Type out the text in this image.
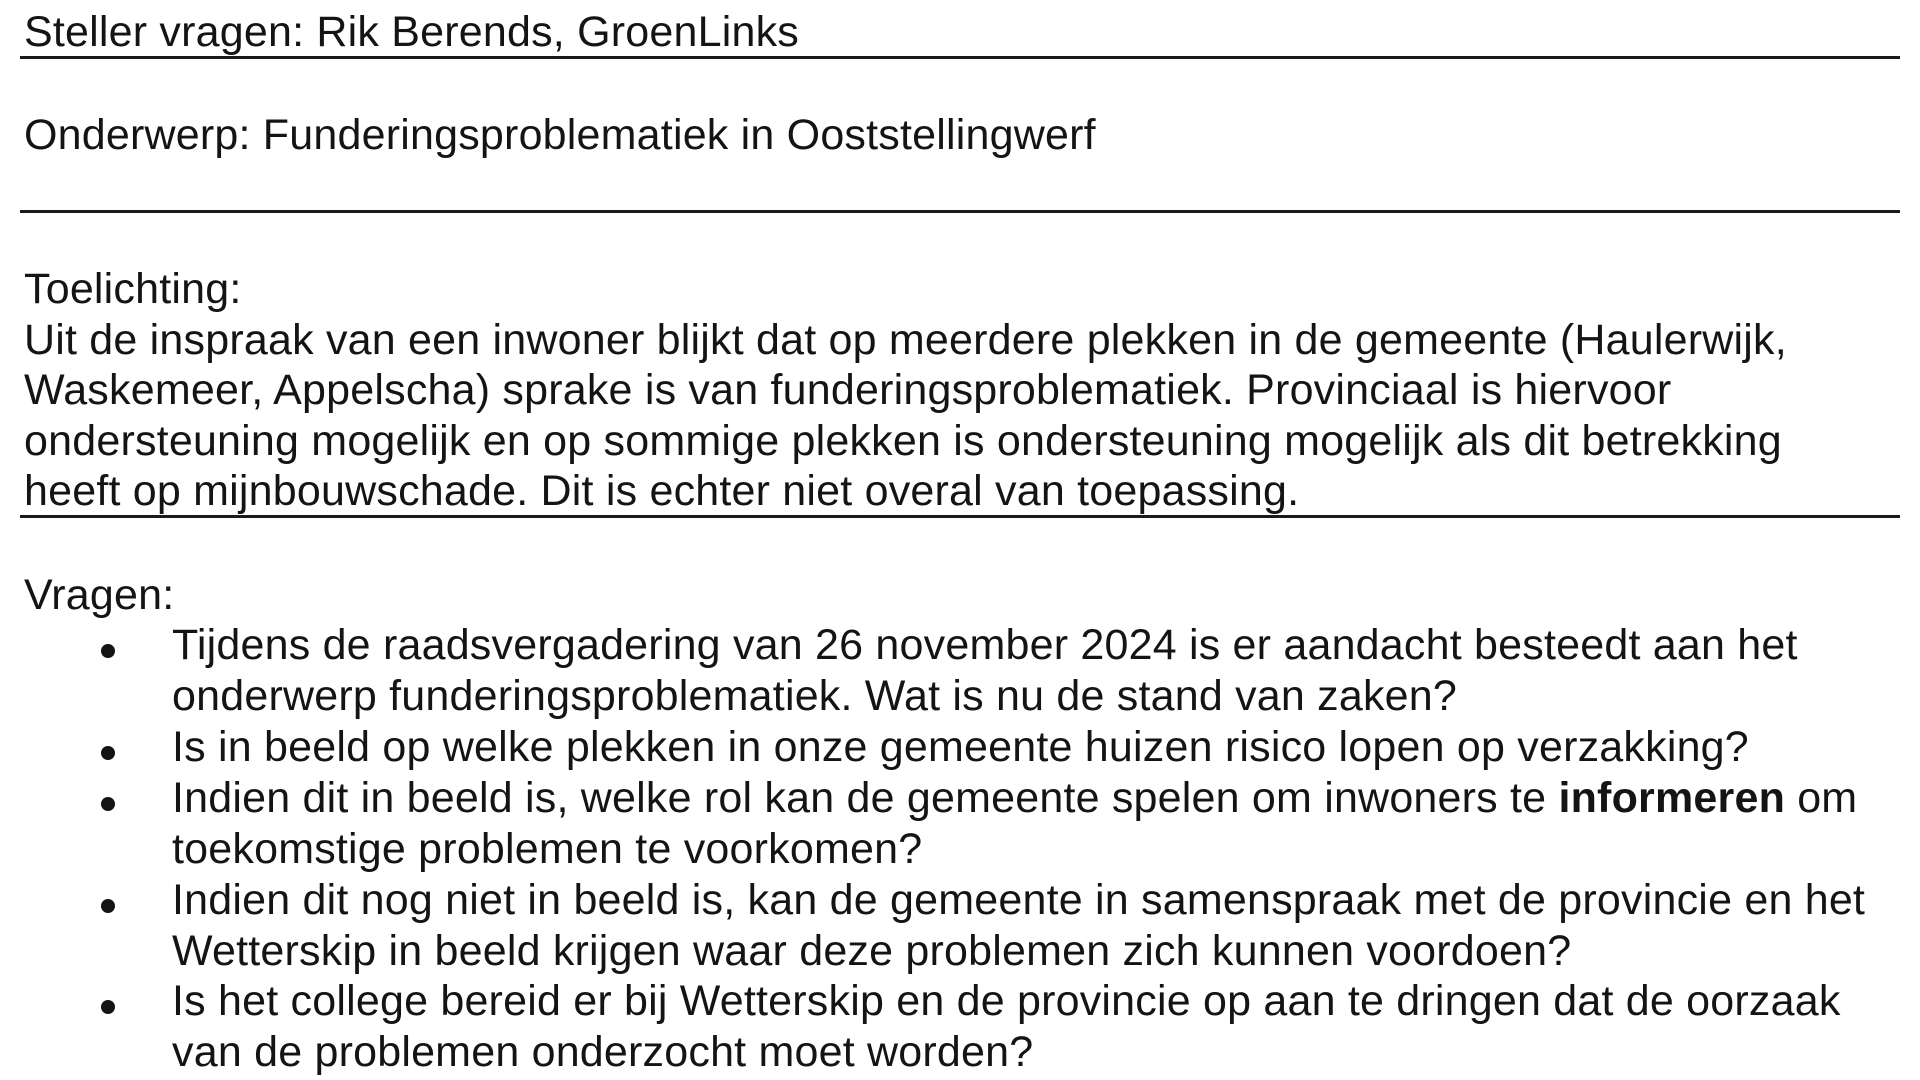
Steller vragen: Rik Berends, GroenLinks
Onderwerp: Funderingsproblematiek in Ooststellingwerf
Toelichting:
Uit de inspraak van een inwoner blijkt dat op meerdere plekken in de gemeente (Haulerwijk,
Waskemeer, Appelscha) sprake is van funderingsproblematiek. Provinciaal is hiervoor
ondersteuning mogelijk en op sommige plekken is ondersteuning mogelijk als dit betrekking
heeft op mijnbouwschade. Dit is echter niet overal van toepassing.
Vragen:
Tijdens de raadsvergadering van 26 november 2024 is er aandacht besteedt aan het onderwerp funderingsproblematiek. Wat is nu de stand van zaken?
Is in beeld op welke plekken in onze gemeente huizen risico lopen op verzakking?
Indien dit in beeld is, welke rol kan de gemeente spelen om inwoners te informeren om toekomstige problemen te voorkomen?
Indien dit nog niet in beeld is, kan de gemeente in samenspraak met de provincie en het Wetterskip in beeld krijgen waar deze problemen zich kunnen voordoen?
Is het college bereid er bij Wetterskip en de provincie op aan te dringen dat de oorzaak van de problemen onderzocht moet worden?
